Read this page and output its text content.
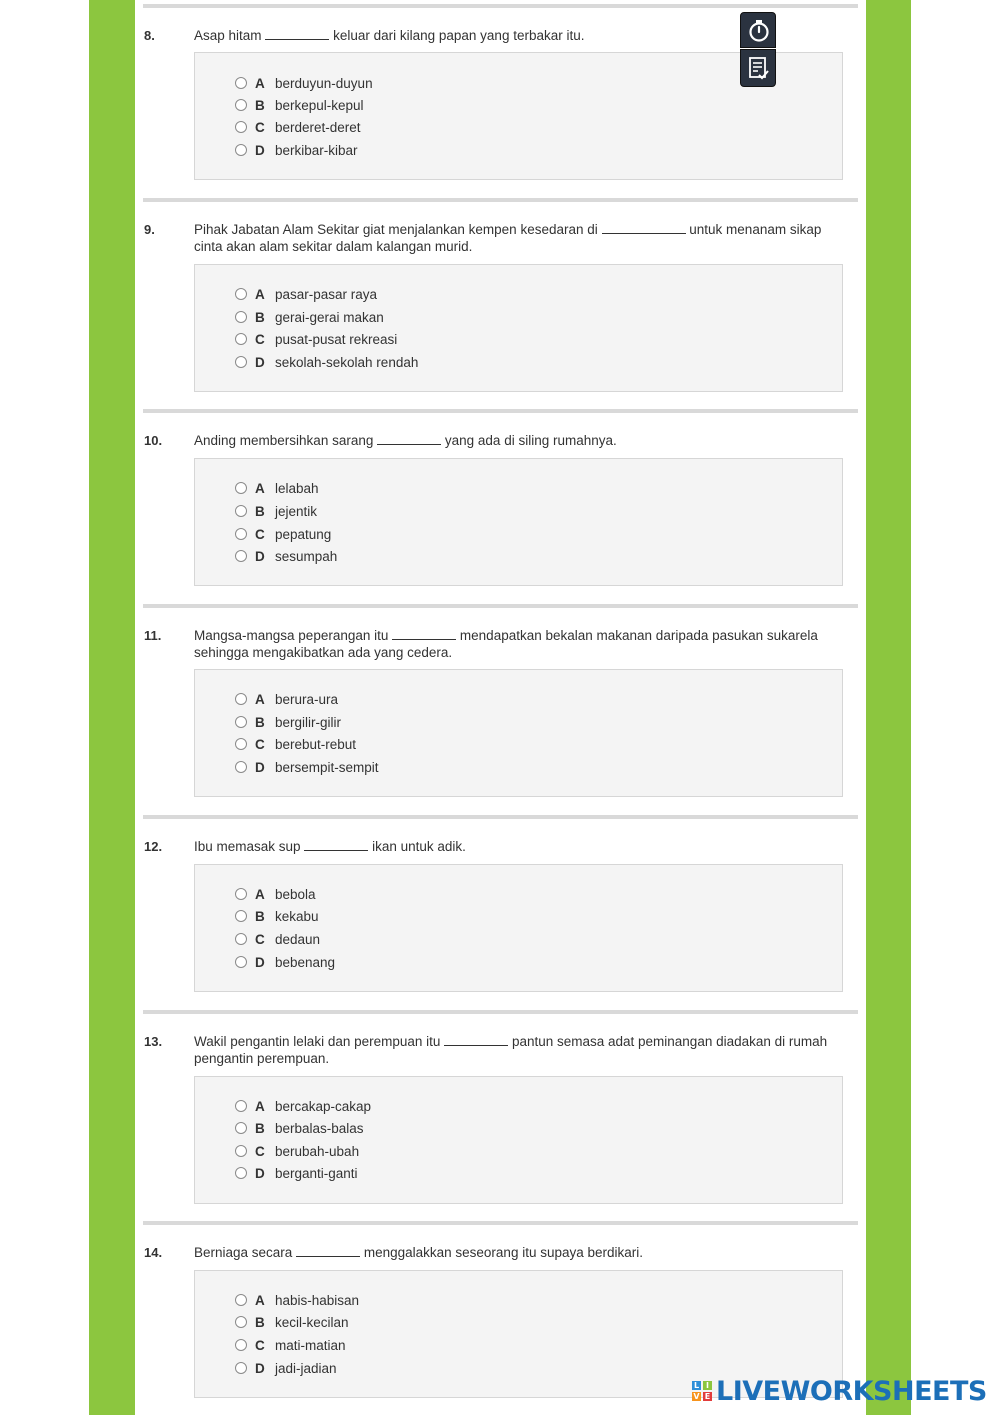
8.	Asap hitam	keluar dari kilang papan yang terbakar itu.
A berduyun-duyun
B berkepul-kepul
C berderet-deret
D berkibar-kibar
9.	Pihak Jabatan Alam Sekitar giat menjalankan kempen kesedaran di	untuk menanam sikap cinta akan alam sekitar dalam kalangan murid.
A pasar-pasar raya
B gerai-gerai makan
C pusat-pusat rekreasi
D sekolah-sekolah rendah
10. Anding membersihkan sarang	yang ada di siling rumahnya.
A lelabah
B jejentik
C pepatung
D sesumpah
11. Mangsa-mangsa peperangan itu	mendapatkan bekalan makanan daripada pasukan sukarela sehingga mengakibatkan ada yang cedera.
A berura-ura
B bergilir-gilir
C berebut-rebut
D bersempit-sempit
12. Ibu memasak sup	ikan untuk adik.
A bebola
B kekabu
C dedaun
D bebenang
13. Wakil pengantin lelaki dan perempuan itu	pantun semasa adat peminangan diadakan di rumah pengantin perempuan.
A bercakap-cakap
B berbalas-balas
C berubah-ubah
D berganti-ganti
14. Berniaga secara	menggalakkan seseorang itu supaya berdikari.
A habis-habisan
B kecil-kecilan
C mati-matian
D jadi-jadian
L I
V E LIVEWORKSHEETS
